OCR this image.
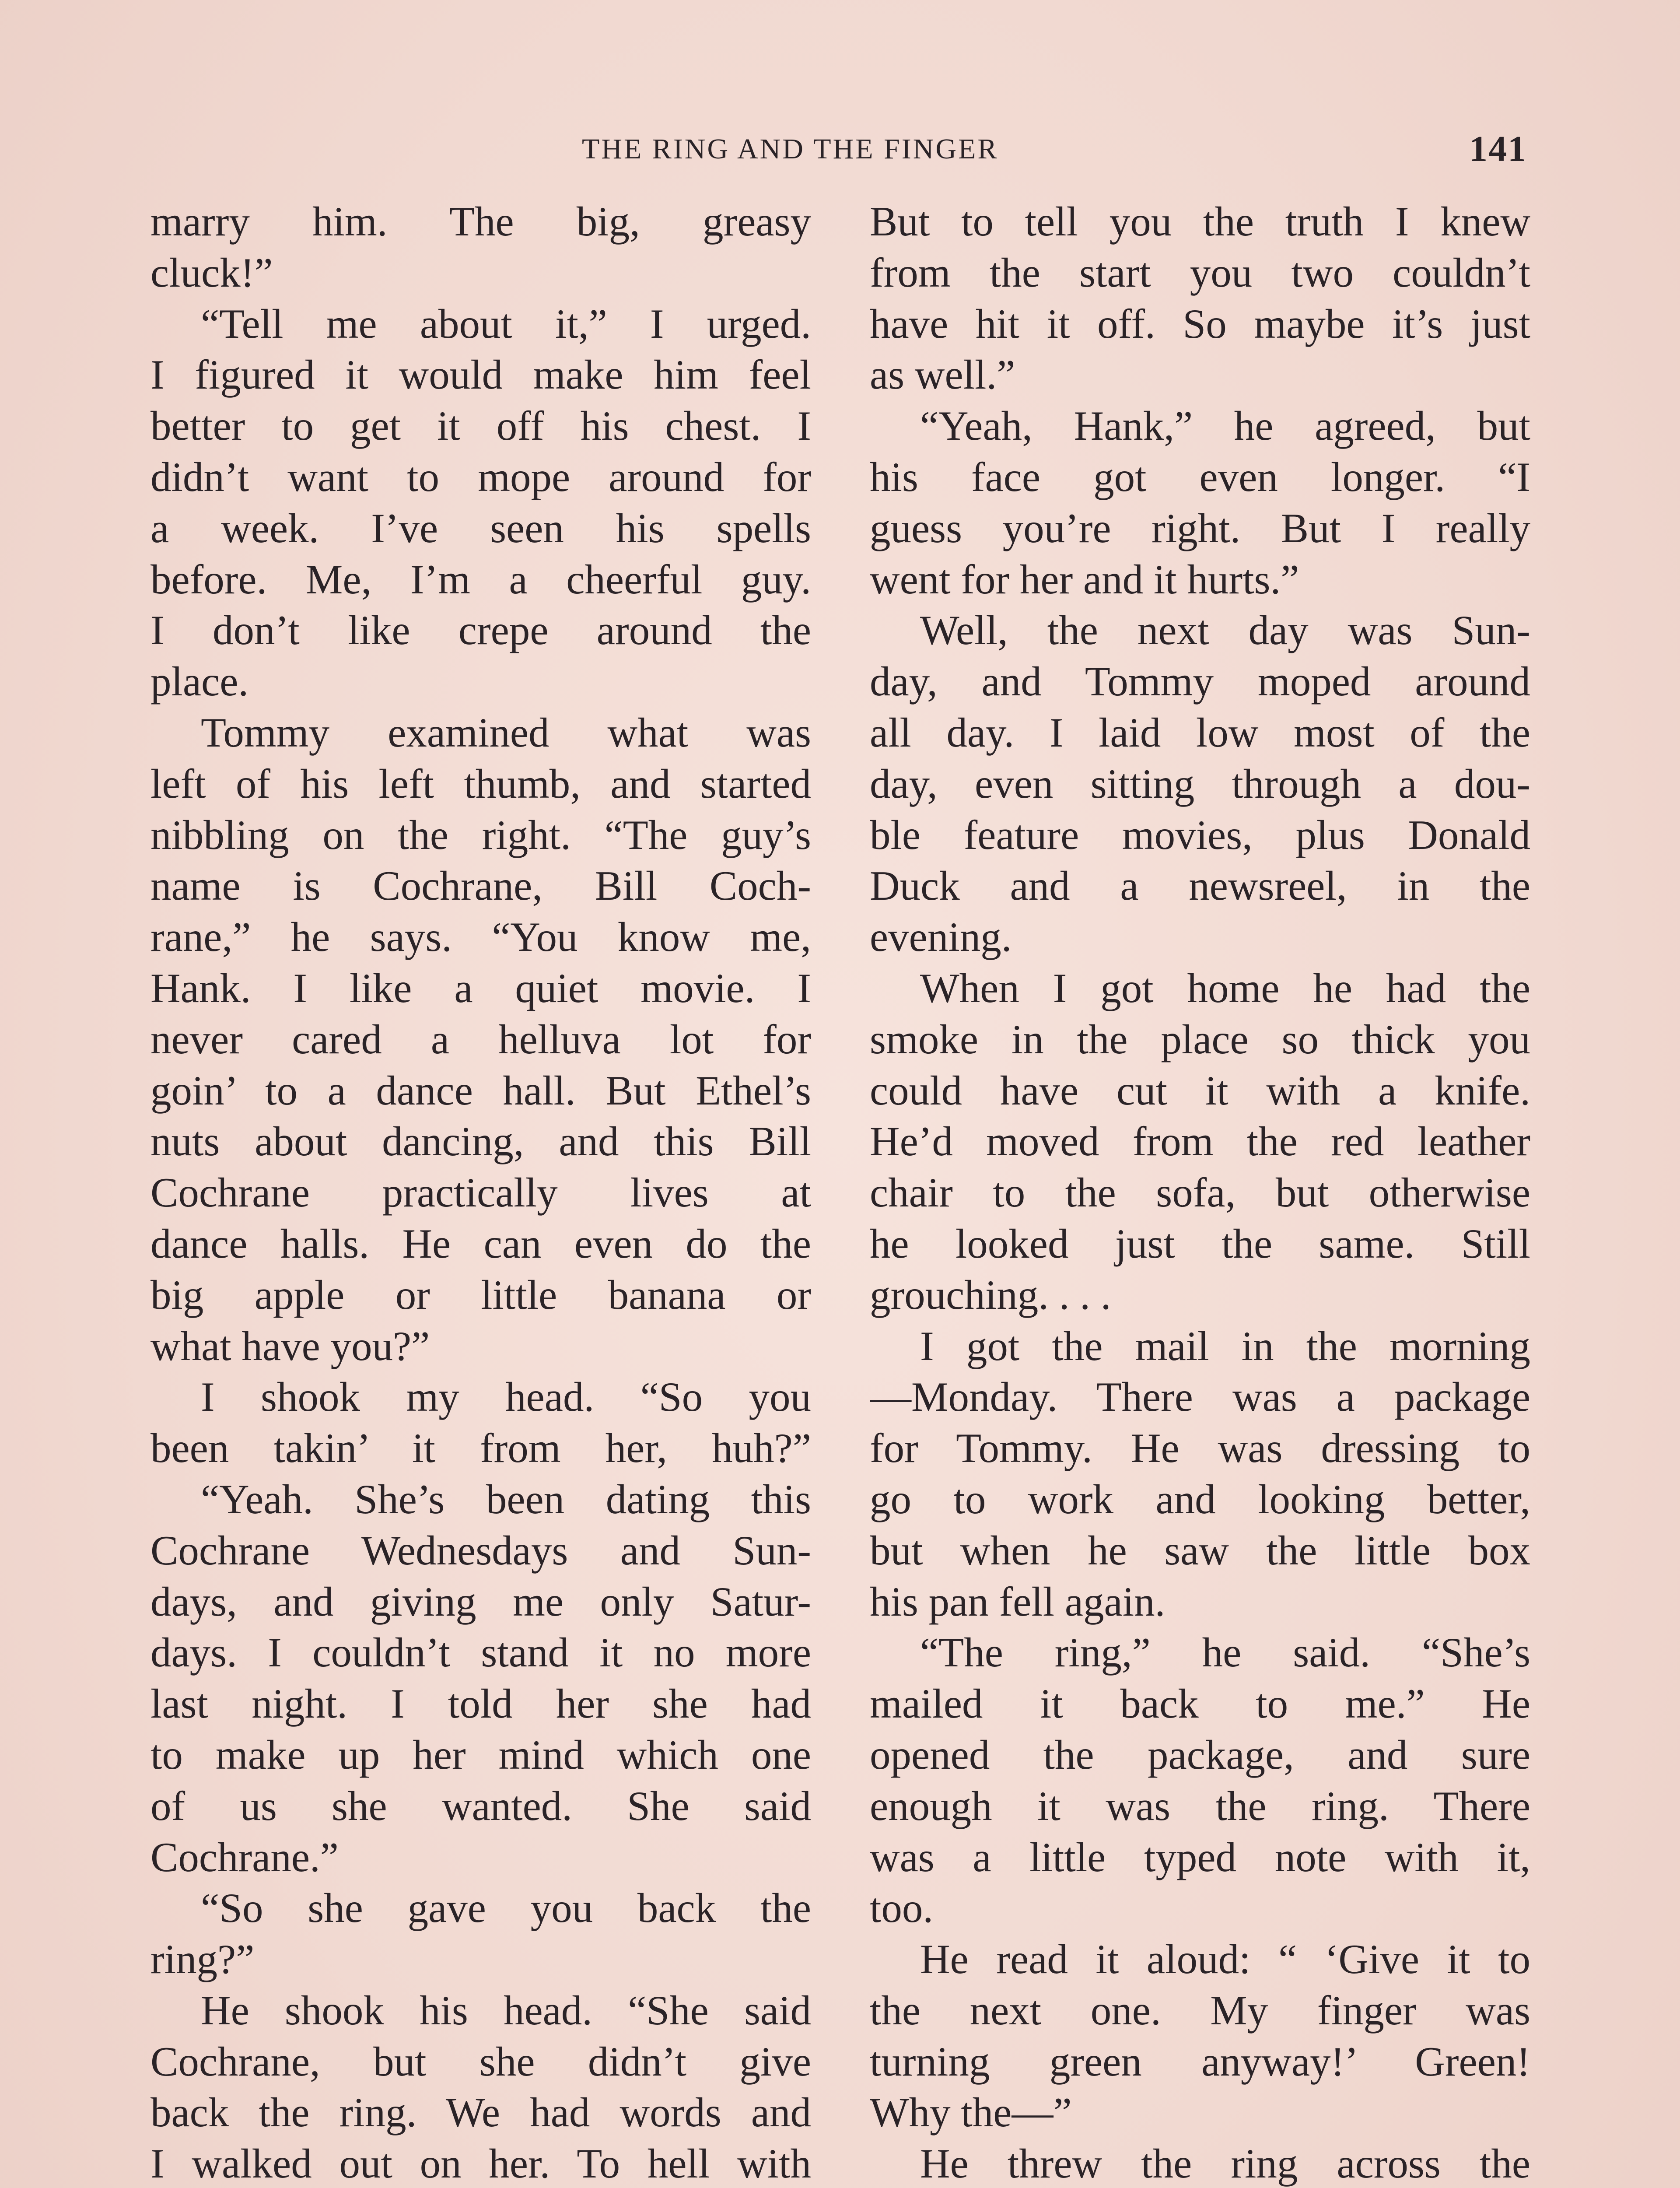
THE RING AND THE FINGER	141
marry him. The big, greasy
cluck!”
“Tell me about it,” I urged.
I figured it would make him feel
better to get it off his chest. I
didn’t want to mope around for
a week. I’ve seen his spells
before. Me, I’m a cheerful guy.
I don’t like crepe around the
place.
Tommy examined what was
left of his left thumb, and started
nibbling on the right. “The guy’s
name is Cochrane, Bill Coch-
rane,” he says. “You know me,
Hank. I like a quiet movie. I
never cared a helluva lot for
goin’ to a dance hall. But Ethel’s
nuts about dancing, and this Bill
Cochrane practically lives at
dance halls. He can even do the
big apple or little banana or
what have you?”
I shook my head. “So you
been takin’ it from her, huh?”
“Yeah. She’s been dating this
Cochrane Wednesdays and Sun-
days, and giving me only Satur-
days. I couldn’t stand it no more
last night. I told her she had
to make up her mind which one
of us she wanted. She said
Cochrane.”
“So she gave you back the
ring?”
He shook his head. “She said
Cochrane, but she didn’t give
back the ring. We had words and
I walked out on her. To hell with
But to tell you the truth I knew
from the start you two couldn’t
have hit it off. So maybe it’s just
as well.”
“Yeah, Hank,” he agreed, but
his face got even longer. “I
guess you’re right. But I really
went for her and it hurts.”
Well, the next day was Sun-
day, and Tommy moped around
all day. I laid low most of the
day, even sitting through a dou-
ble feature movies, plus Donald
Duck and a newsreel, in the
evening.
When I got home he had the
smoke in the place so thick you
could have cut it with a knife.
He’d moved from the red leather
chair to the sofa, but otherwise
he looked just the same. Still
grouching. . . .
I got the mail in the morning
—Monday. There was a package
for Tommy. He was dressing to
go to work and looking better,
but when he saw the little box
his pan fell again.
“The ring,” he said. “She’s
mailed it back to me.” He
opened the package, and sure
enough it was the ring. There
was a little typed note with it,
too.
He read it aloud: “ ‘Give it to
the next one. My finger was
turning green anyway!’ Green!
Why the—”
He threw the ring across the
